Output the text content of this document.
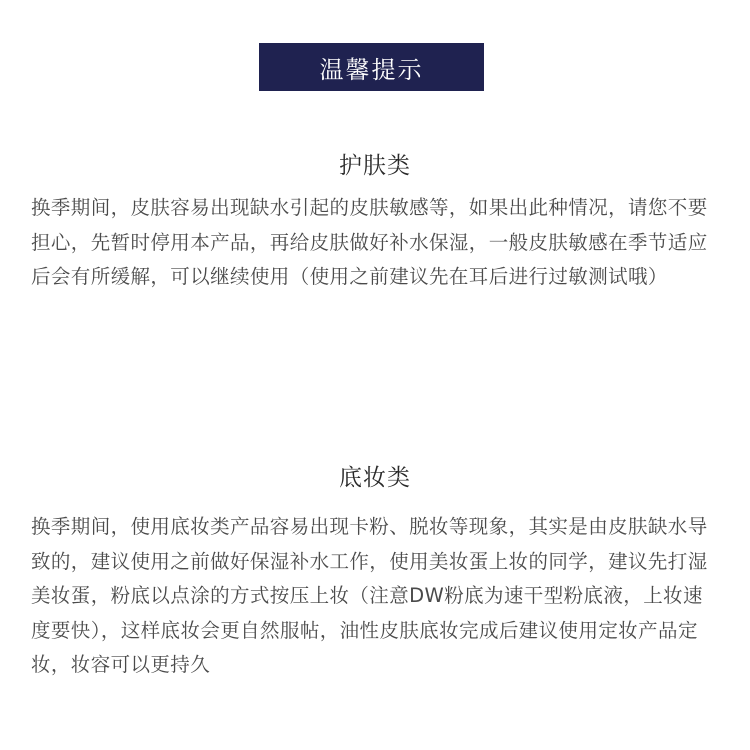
温馨提示
护肤类

换季期间，皮肤容易出现缺水引起的皮肤敏感等，如果出此种情况，请您不要担心，先暂时停用本产品，再给皮肤做好补水保湿，一般皮肤敏感在季节适应后会有所缓解，可以继续使用（使用之前建议先在耳后进行过敏测试哦）

底妆类

换季期间，使用底妆类产品容易出现卡粉、脱妆等现象，其实是由皮肤缺水导致的，建议使用之前做好保湿补水工作，使用美妆蛋上妆的同学，建议先打湿美妆蛋，粉底以点涂的方式按压上妆（注意DW粉底为速干型粉底液，上妆速度要快），这样底妆会更自然服帖，油性皮肤底妆完成后建议使用定妆产品定妆，妆容可以更持久
